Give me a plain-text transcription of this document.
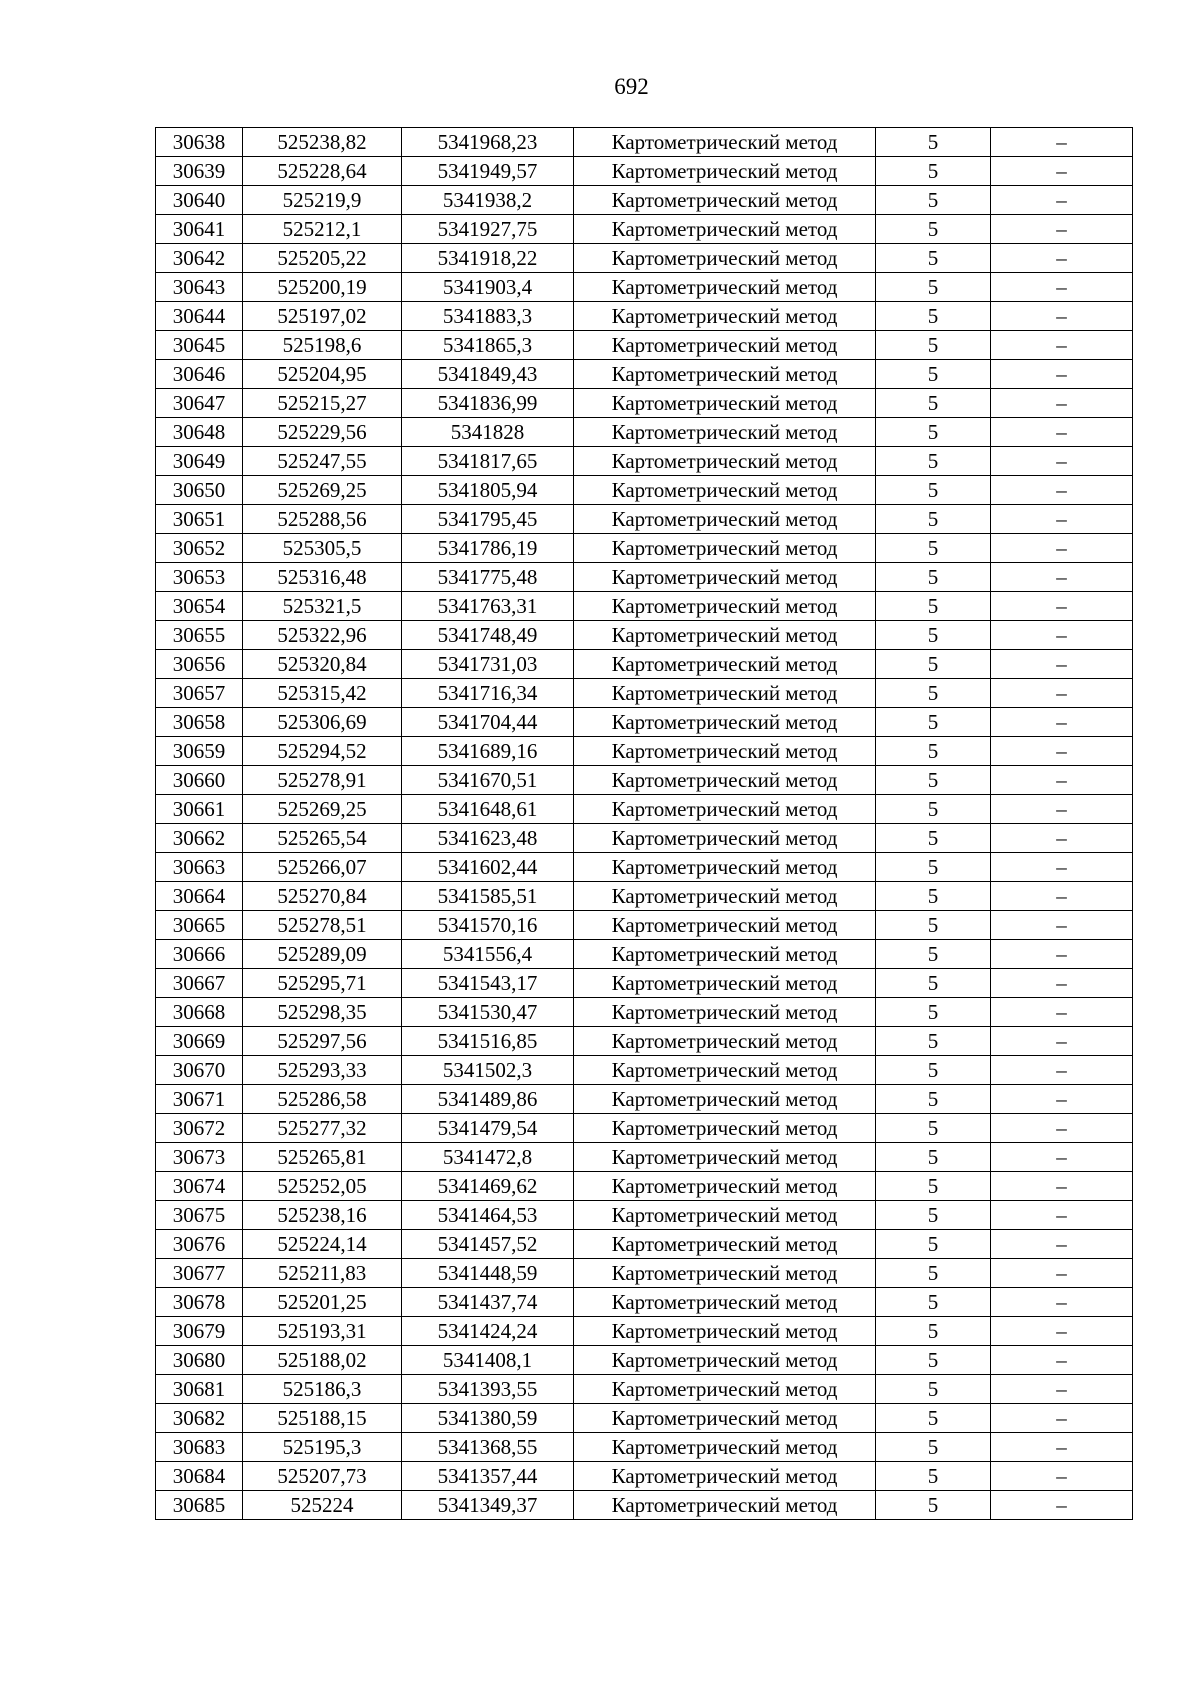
692
30638	525238,82	5341968,23	Картометрический метод	5	–
30639	525228,64	5341949,57	Картометрический метод	5	–
30640	525219,9	5341938,2	Картометрический метод	5	–
30641	525212,1	5341927,75	Картометрический метод	5	–
30642	525205,22	5341918,22	Картометрический метод	5	–
30643	525200,19	5341903,4	Картометрический метод	5	–
30644	525197,02	5341883,3	Картометрический метод	5	–
30645	525198,6	5341865,3	Картометрический метод	5	–
30646	525204,95	5341849,43	Картометрический метод	5	–
30647	525215,27	5341836,99	Картометрический метод	5	–
30648	525229,56	5341828	Картометрический метод	5	–
30649	525247,55	5341817,65	Картометрический метод	5	–
30650	525269,25	5341805,94	Картометрический метод	5	–
30651	525288,56	5341795,45	Картометрический метод	5	–
30652	525305,5	5341786,19	Картометрический метод	5	–
30653	525316,48	5341775,48	Картометрический метод	5	–
30654	525321,5	5341763,31	Картометрический метод	5	–
30655	525322,96	5341748,49	Картометрический метод	5	–
30656	525320,84	5341731,03	Картометрический метод	5	–
30657	525315,42	5341716,34	Картометрический метод	5	–
30658	525306,69	5341704,44	Картометрический метод	5	–
30659	525294,52	5341689,16	Картометрический метод	5	–
30660	525278,91	5341670,51	Картометрический метод	5	–
30661	525269,25	5341648,61	Картометрический метод	5	–
30662	525265,54	5341623,48	Картометрический метод	5	–
30663	525266,07	5341602,44	Картометрический метод	5	–
30664	525270,84	5341585,51	Картометрический метод	5	–
30665	525278,51	5341570,16	Картометрический метод	5	–
30666	525289,09	5341556,4	Картометрический метод	5	–
30667	525295,71	5341543,17	Картометрический метод	5	–
30668	525298,35	5341530,47	Картометрический метод	5	–
30669	525297,56	5341516,85	Картометрический метод	5	–
30670	525293,33	5341502,3	Картометрический метод	5	–
30671	525286,58	5341489,86	Картометрический метод	5	–
30672	525277,32	5341479,54	Картометрический метод	5	–
30673	525265,81	5341472,8	Картометрический метод	5	–
30674	525252,05	5341469,62	Картометрический метод	5	–
30675	525238,16	5341464,53	Картометрический метод	5	–
30676	525224,14	5341457,52	Картометрический метод	5	–
30677	525211,83	5341448,59	Картометрический метод	5	–
30678	525201,25	5341437,74	Картометрический метод	5	–
30679	525193,31	5341424,24	Картометрический метод	5	–
30680	525188,02	5341408,1	Картометрический метод	5	–
30681	525186,3	5341393,55	Картометрический метод	5	–
30682	525188,15	5341380,59	Картометрический метод	5	–
30683	525195,3	5341368,55	Картометрический метод	5	–
30684	525207,73	5341357,44	Картометрический метод	5	–
30685	525224	5341349,37	Картометрический метод	5	–
